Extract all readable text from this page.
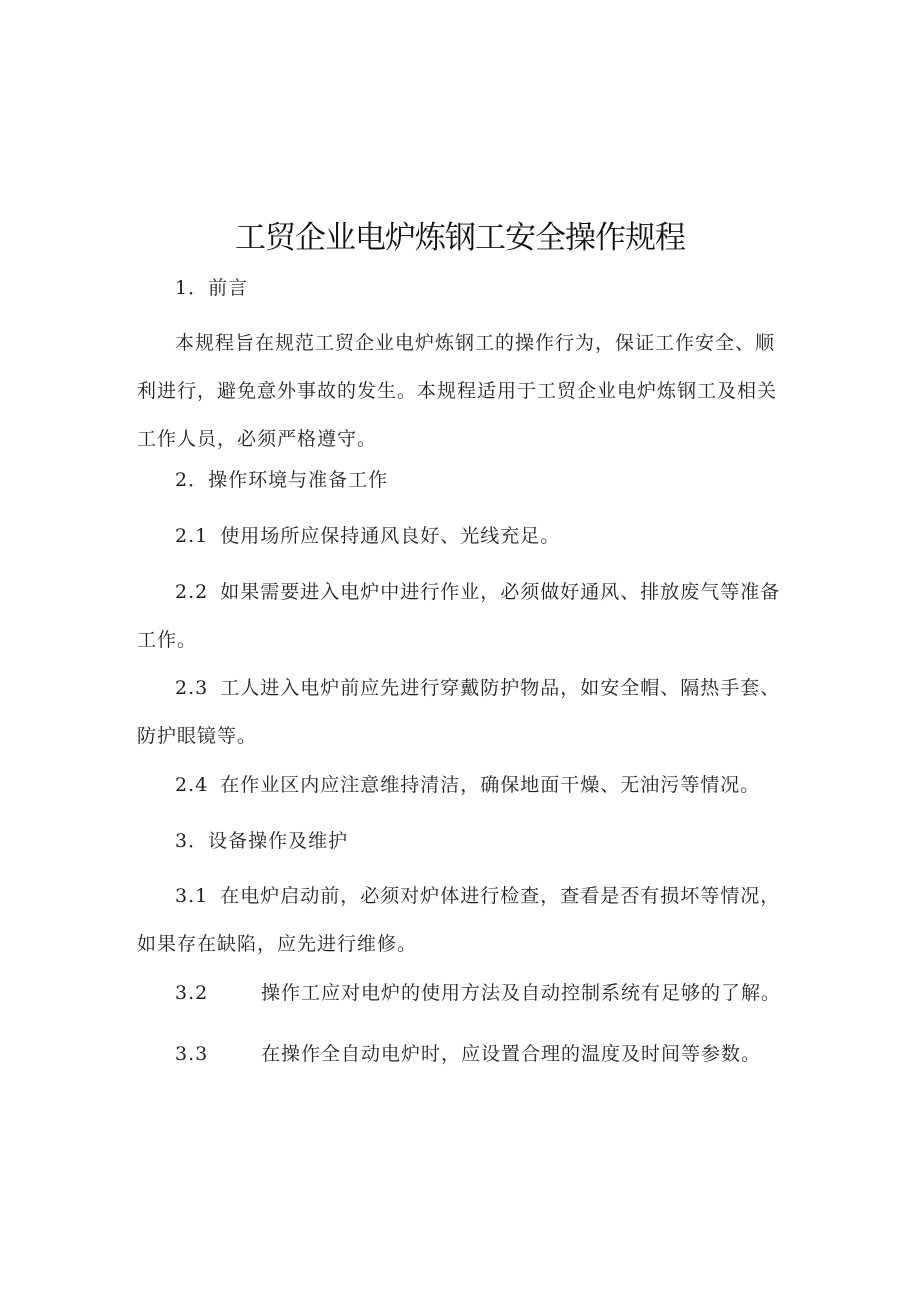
工贸企业电炉炼钢工安全操作规程

1．前言

本规程旨在规范工贸企业电炉炼钢工的操作行为，保证工作安全、顺利进行，避免意外事故的发生。本规程适用于工贸企业电炉炼钢工及相关工作人员，必须严格遵守。

2．操作环境与准备工作

2.1 使用场所应保持通风良好、光线充足。

2.2 如果需要进入电炉中进行作业，必须做好通风、排放废气等准备工作。

2.3 工人进入电炉前应先进行穿戴防护物品，如安全帽、隔热手套、防护眼镜等。

2.4 在作业区内应注意维持清洁，确保地面干燥、无油污等情况。

3．设备操作及维护

3.1 在电炉启动前，必须对炉体进行检查，查看是否有损坏等情况，如果存在缺陷，应先进行维修。

3.2	操作工应对电炉的使用方法及自动控制系统有足够的了解。

3.3	在操作全自动电炉时，应设置合理的温度及时间等参数。
